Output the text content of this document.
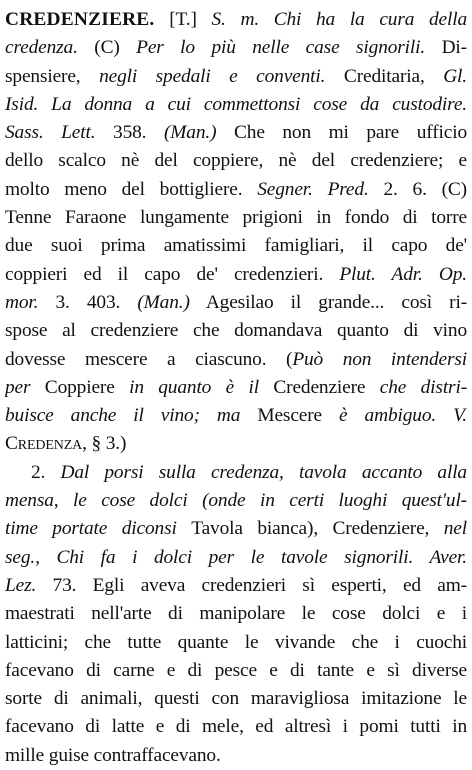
CREDENZIERE. [T.] S. m. Chi ha la cura della
credenza. (C) Per lo più nelle case signorili. Di-
spensiere, negli spedali e conventi. Creditaria, Gl.
Isid. La donna a cui commettonsi cose da custodire.
Sass. Lett. 358. (Man.) Che non mi pare ufficio
dello scalco nè del coppiere, nè del credenziere; e
molto meno del bottigliere. Segner. Pred. 2. 6. (C)
Tenne Faraone lungamente prigioni in fondo di torre
due suoi prima amatissimi famigliari, il capo de'
coppieri ed il capo de' credenzieri. Plut. Adr. Op.
mor. 3. 403. (Man.) Agesilao il grande... così ri-
spose al credenziere che domandava quanto di vino
dovesse mescere a ciascuno. (Può non intendersi
per Coppiere in quanto è il Credenziere che distri-
buisce anche il vino; ma Mescere è ambiguo. V.
Credenza, § 3.)
2. Dal porsi sulla credenza, tavola accanto alla
mensa, le cose dolci (onde in certi luoghi quest'ul-
time portate diconsi Tavola bianca), Credenziere, nel
seg., Chi fa i dolci per le tavole signorili. Aver.
Lez. 73. Egli aveva credenzieri sì esperti, ed am-
maestrati nell'arte di manipolare le cose dolci e i
latticini; che tutte quante le vivande che i cuochi
facevano di carne e di pesce e di tante e sì diverse
sorte di animali, questi con maravigliosa imitazione le
facevano di latte e di mele, ed altresì i pomi tutti in
mille guise contraffacevano.
